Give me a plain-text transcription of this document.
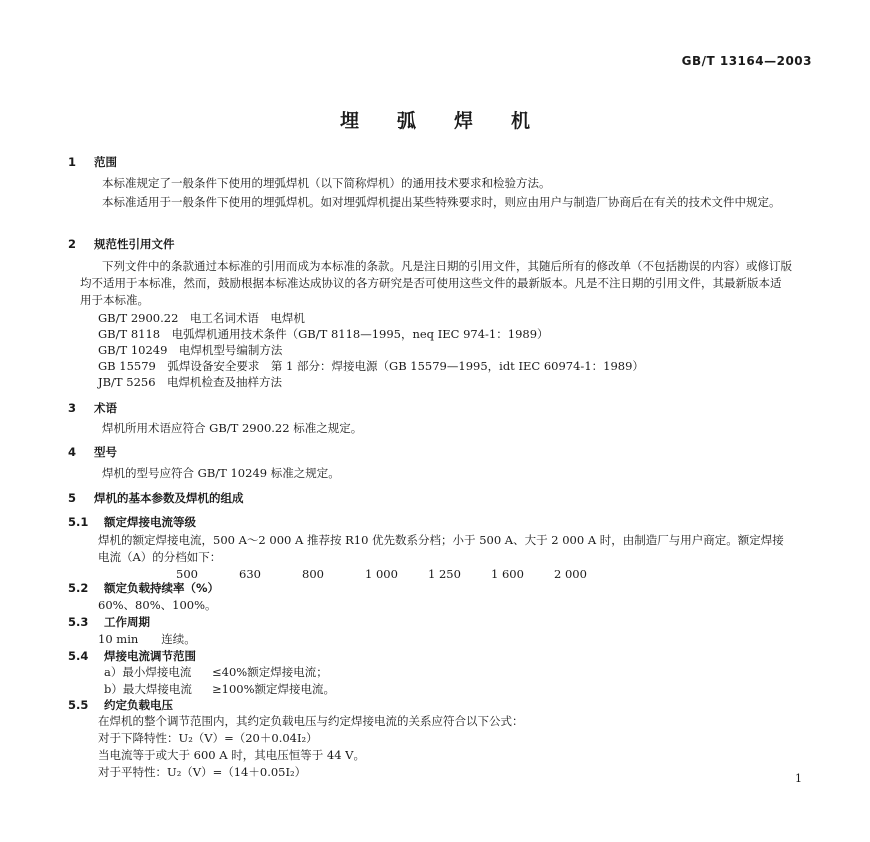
GB/T 13164—2003
埋弧焊机
1 范围
本标准规定了一般条件下使用的埋弧焊机（以下简称焊机）的通用技术要求和检验方法。
本标准适用于一般条件下使用的埋弧焊机。如对埋弧焊机提出某些特殊要求时，则应由用户与制造厂协商后在有关的技术文件中规定。
2 规范性引用文件
下列文件中的条款通过本标准的引用而成为本标准的条款。凡是注日期的引用文件，其随后所有的修改单（不包括勘误的内容）或修订版均不适用于本标准，然而，鼓励根据本标准达成协议的各方研究是否可使用这些文件的最新版本。凡是不注日期的引用文件，其最新版本适用于本标准。
GB/T 2900.22　电工名词术语　电焊机
GB/T 8118　电弧焊机通用技术条件（GB/T 8118—1995，neq IEC 974-1：1989）
GB/T 10249　电焊机型号编制方法
GB 15579　弧焊设备安全要求　第 1 部分：焊接电源（GB 15579—1995，idt IEC 60974-1：1989）
JB/T 5256　电焊机检查及抽样方法
3 术语
焊机所用术语应符合 GB/T 2900.22 标准之规定。
4 型号
焊机的型号应符合 GB/T 10249 标准之规定。
5 焊机的基本参数及焊机的组成
5.1 额定焊接电流等级
焊机的额定焊接电流，500 A～2 000 A 推荐按 R10 优先数系分档；小于 500 A、大于 2 000 A 时，由制造厂与用户商定。额定焊接电流（A）的分档如下：
500	630	800	1 000	1 250	1 600	2 000
5.2 额定负载持续率（%）
60%、80%、100%。
5.3 工作周期
10 min　　连续。
5.4 焊接电流调节范围
a）最小焊接电流 ≤40%额定焊接电流；
b）最大焊接电流 ≥100%额定焊接电流。
5.5 约定负载电压
在焊机的整个调节范围内，其约定负载电压与约定焊接电流的关系应符合以下公式：
对于下降特性：U₂（V）=（20＋0.04I₂）
当电流等于或大于 600 A 时，其电压恒等于 44 V。
对于平特性：U₂（V）=（14＋0.05I₂）	1
